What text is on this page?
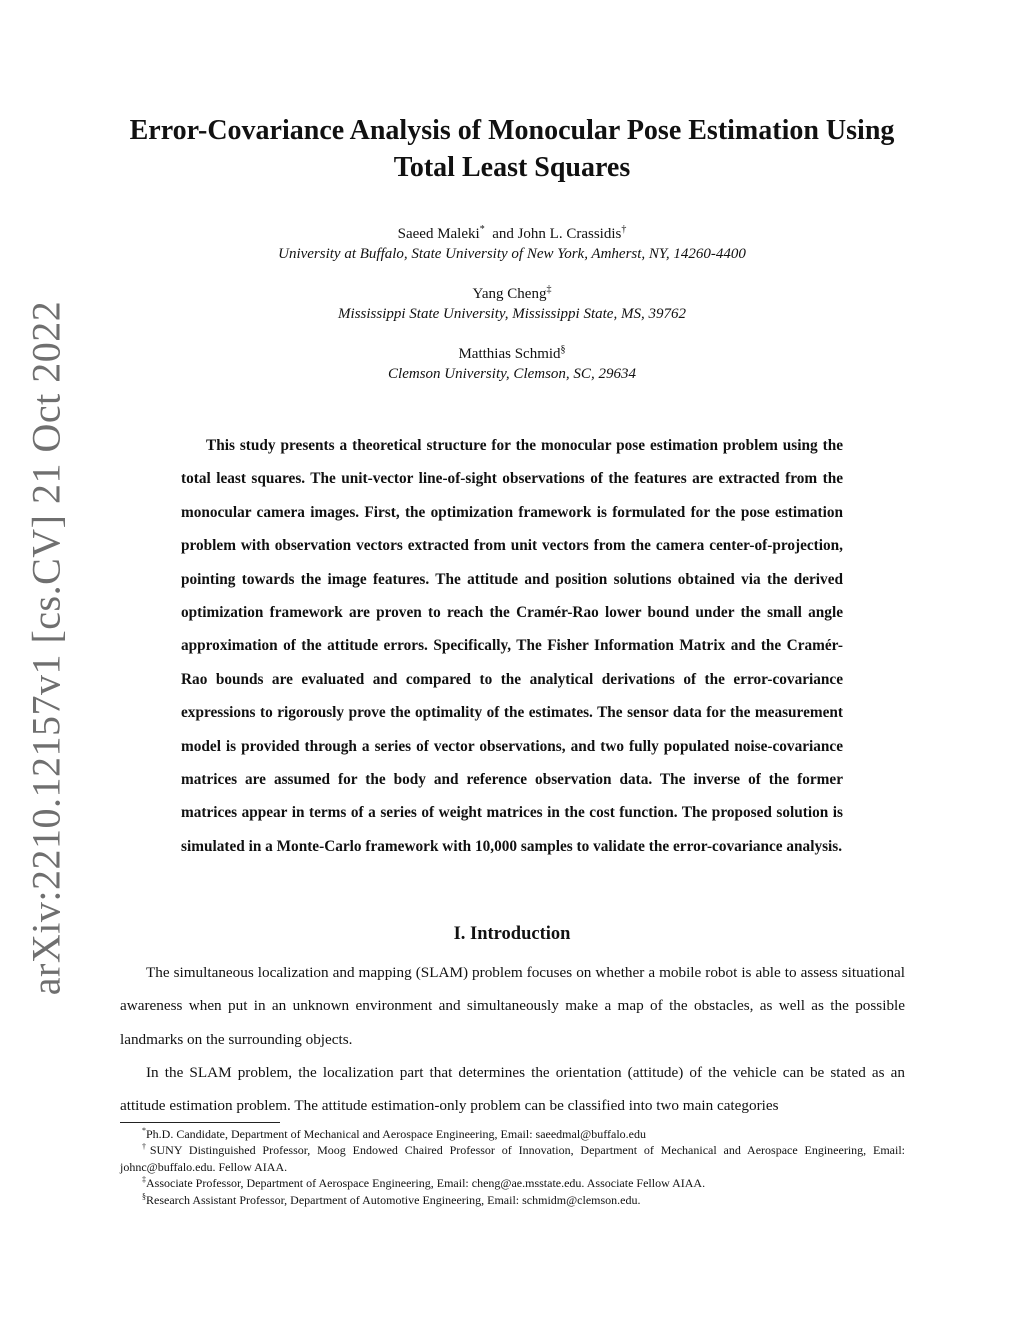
arXiv:2210.12157v1 [cs.CV] 21 Oct 2022
Error-Covariance Analysis of Monocular Pose Estimation Using
Total Least Squares
Saeed Maleki*  and John L. Crassidis†
University at Buffalo, State University of New York, Amherst, NY, 14260-4400
Yang Cheng‡
Mississippi State University, Mississippi State, MS, 39762
Matthias Schmid§
Clemson University, Clemson, SC, 29634

This study presents a theoretical structure for the monocular pose estimation problem using the total least squares. The unit-vector line-of-sight observations of the features are extracted from the monocular camera images. First, the optimization framework is formulated for the pose estimation problem with observation vectors extracted from unit vectors from the camera center-of-projection, pointing towards the image features. The attitude and position solutions obtained via the derived optimization framework are proven to reach the Cramér-Rao lower bound under the small angle approximation of the attitude errors. Specifically, The Fisher Information Matrix and the Cramér-Rao bounds are evaluated and compared to the analytical derivations of the error-covariance expressions to rigorously prove the optimality of the estimates. The sensor data for the measurement model is provided through a series of vector observations, and two fully populated noise-covariance matrices are assumed for the body and reference observation data. The inverse of the former matrices appear in terms of a series of weight matrices in the cost function. The proposed solution is simulated in a Monte-Carlo framework with 10,000 samples to validate the error-covariance analysis.

I. Introduction

The simultaneous localization and mapping (SLAM) problem focuses on whether a mobile robot is able to assess situational awareness when put in an unknown environment and simultaneously make a map of the obstacles, as well as the possible landmarks on the surrounding objects.

In the SLAM problem, the localization part that determines the orientation (attitude) of the vehicle can be stated as an attitude estimation problem. The attitude estimation-only problem can be classified into two main categories

*Ph.D. Candidate, Department of Mechanical and Aerospace Engineering, Email: saeedmal@buffalo.edu

†SUNY Distinguished Professor, Moog Endowed Chaired Professor of Innovation, Department of Mechanical and Aerospace Engineering, Email: johnc@buffalo.edu. Fellow AIAA.

‡Associate Professor, Department of Aerospace Engineering, Email: cheng@ae.msstate.edu. Associate Fellow AIAA.

§Research Assistant Professor, Department of Automotive Engineering, Email: schmidm@clemson.edu.
